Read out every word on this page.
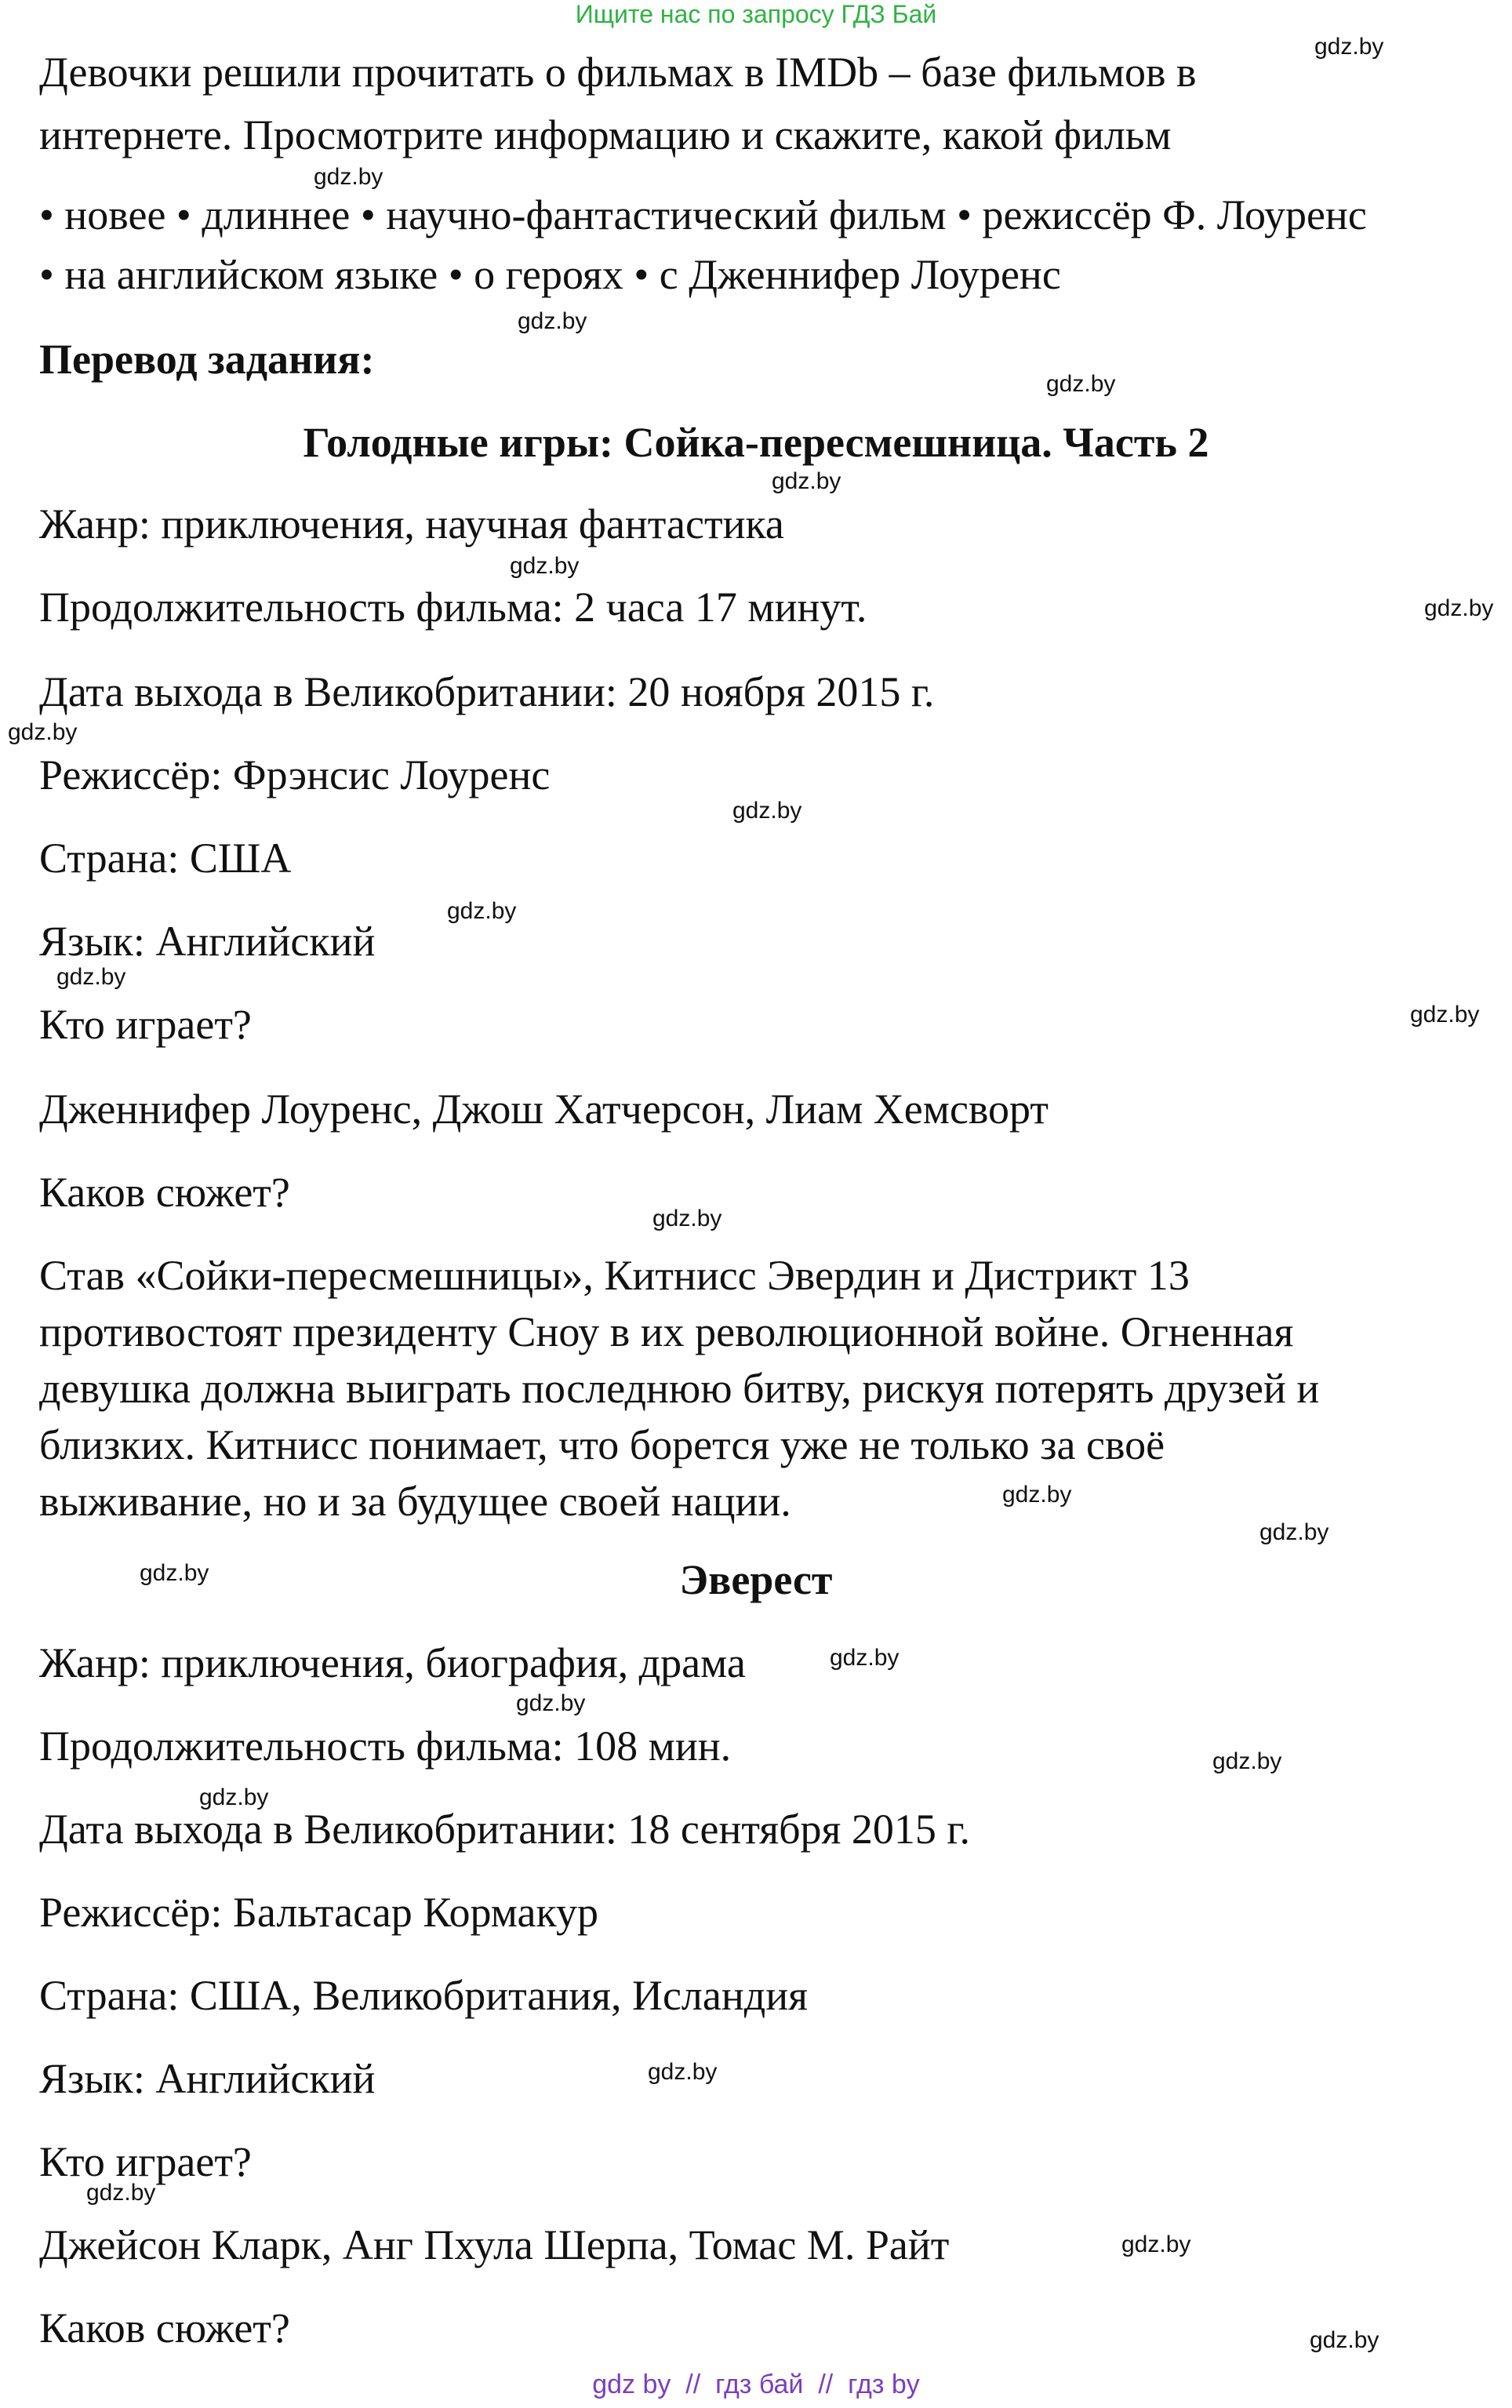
Ищите нас по запросу ГДЗ Бай
Девочки решили прочитать о фильмах в IMDb – базе фильмов в
интернете. Просмотрите информацию и скажите, какой фильм
• новее • длиннее • научно-фантастический фильм • режиссёр Ф. Лоуренс
• на английском языке • о героях • с Дженнифер Лоуренс
Перевод задания:
Голодные игры: Сойка-пересмешница. Часть 2
Жанр: приключения, научная фантастика
Продолжительность фильма: 2 часа 17 минут.
Дата выхода в Великобритании: 20 ноября 2015 г.
Режиссёр: Фрэнсис Лоуренс
Страна: США
Язык: Английский
Кто играет?
Дженнифер Лоуренс, Джош Хатчерсон, Лиам Хемсворт
Каков сюжет?
Став «Сойки-пересмешницы», Китнисс Эвердин и Дистрикт 13
противостоят президенту Сноу в их революционной войне. Огненная
девушка должна выиграть последнюю битву, рискуя потерять друзей и
близких. Китнисс понимает, что борется уже не только за своё
выживание, но и за будущее своей нации.
Эверест
Жанр: приключения, биография, драма
Продолжительность фильма: 108 мин.
Дата выхода в Великобритании: 18 сентября 2015 г.
Режиссёр: Бальтасар Кормакур
Страна: США, Великобритания, Исландия
Язык: Английский
Кто играет?
Джейсон Кларк, Анг Пхула Шерпа, Томас М. Райт
Каков сюжет?
gdz.by
gdz.by
gdz.by
gdz.by
gdz.by
gdz.by
gdz.by
gdz.by
gdz.by
gdz.by
gdz.by
gdz.by
gdz.by
gdz.by
gdz.by
gdz.by
gdz.by
gdz.by
gdz.by
gdz.by
gdz.by
gdz.by
gdz.by
gdz.by
gdz by  //  гдз бай  //  гдз by
